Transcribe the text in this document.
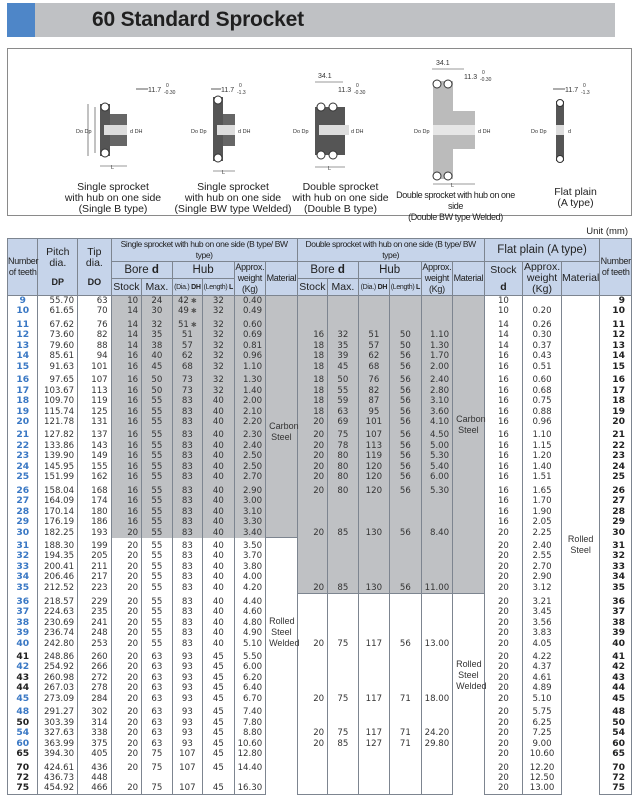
60 Standard Sprocket
11.7
0
-0.30
Do Dp	d DH
L
Single sprocket
with hub on one side
(Single B type)
11.7
0
-1.3
Do Dp	d DH
L
Single sprocket
with hub on one side
(Single BW type Welded)
34.1
11.3
0
-0.30
Do Dp	d DH
L
Double sprocket
with hub on one side
(Double B type)
34.1
11.3
0
-0.30
Do Dp	d DH
L
Double sprocket with hub on one side
(Double BW type Welded)
11.7
0
-1.3
Do Dp	d
Flat plain
(A type)
Unit (mm)
Number of teeth	
Pitch dia.
DP

Tip dia.
DO
	Single sprocket with hub on one side (B type/ BW type)	Double sprocket with hub on one side (B type/ BW type)	Flat plain (A type)	Number of teeth
			Bore d		Hub		Approx. weight (Kg)	Material	Bore d		Hub		Approx. weight (Kg)	Material	Stock
d	Approx. weight (Kg)	Material	
			Stock	Max.	(Dia.) DH	(Length) L			Stock	Max.	(Dia.) DH	(Length) L						
9	55.70	63	10	24	42 ✱	32	0.40	Carbon Steel						Carbon Steel	10		Rolled Steel	9
10	61.65	70	14	30	49 ✱	32	0.49								10	0.20		10
11	67.62	76	14	32	51 ✱	32	0.60								14	0.26		11
12	73.60	82	14	35	51	32	0.69		16	32	51	50	1.10		14	0.30		12
13	79.60	88	14	38	57	32	0.81		18	35	57	50	1.30		14	0.37		13
14	85.61	94	16	40	62	32	0.96		18	39	62	56	1.70		16	0.43		14
15	91.63	101	16	45	68	32	1.10		18	45	68	56	2.00		16	0.51		15
16	97.65	107	16	50	73	32	1.30		18	50	76	56	2.40		16	0.60		16
17	103.67	113	16	50	73	32	1.40		18	55	82	56	2.80		16	0.68		17
18	109.70	119	16	55	83	40	2.00		18	59	87	56	3.10		16	0.75		18
19	115.74	125	16	55	83	40	2.10		18	63	95	56	3.60		16	0.88		19
20	121.78	131	16	55	83	40	2.20		20	69	101	56	4.10		16	0.96		20
21	127.82	137	16	55	83	40	2.30		20	75	107	56	4.50		16	1.10		21
22	133.86	143	16	55	83	40	2.40		20	78	113	56	5.00		16	1.15		22
23	139.90	149	16	55	83	40	2.50		20	80	119	56	5.30		16	1.20		23
24	145.95	155	16	55	83	40	2.50		20	80	120	56	5.40		16	1.40		24
25	151.99	162	16	55	83	40	2.70		20	80	120	56	6.00		16	1.51		25
26	158.04	168	16	55	83	40	2.90		20	80	120	56	5.30		16	1.65		26
27	164.09	174	16	55	83	40	3.00								16	1.70		27
28	170.14	180	16	55	83	40	3.10								16	1.90		28
29	176.19	186	16	55	83	40	3.30								16	2.05		29
30	182.25	193	20	55	83	40	3.40		20	85	130	56	8.40		20	2.25		30
31	188.30	199	20	55	83	40	3.50	Rolled Steel Welded							20	2.40		31
32	194.35	205	20	55	83	40	3.70								20	2.55		32
33	200.41	211	20	55	83	40	3.80								20	2.70		33
34	206.46	217	20	55	83	40	4.00								20	2.90		34
35	212.52	223	20	55	83	40	4.20		20	85	130	56	11.00		20	3.12		35
36	218.57	229	20	55	83	40	4.40							Rolled Steel Welded	20	3.21		36
37	224.63	235	20	55	83	40	4.60								20	3.45		37
38	230.69	241	20	55	83	40	4.80								20	3.56		38
39	236.74	248	20	55	83	40	4.90								20	3.83		39
40	242.80	253	20	55	83	40	5.10		20	75	117	56	13.00		20	4.05		40
41	248.86	260	20	63	93	45	5.50								20	4.22		41
42	254.92	266	20	63	93	45	6.00								20	4.37		42
43	260.98	272	20	63	93	45	6.20								20	4.61		43
44	267.03	278	20	63	93	45	6.40								20	4.89		44
45	273.09	284	20	63	93	45	6.70		20	75	117	71	18.00		20	5.10		45
48	291.27	302	20	63	93	45	7.40								20	5.75		48
50	303.39	314	20	63	93	45	7.80								20	6.25		50
54	327.63	338	20	63	93	45	8.80		20	75	117	71	24.20		20	7.25		54
60	363.99	375	20	63	93	45	10.60		20	85	127	71	29.80		20	9.00		60
65	394.30	405	20	75	107	45	12.80								20	10.60		65
70	424.61	436	20	75	107	45	14.40								20	12.20		70
72	436.73	448													20	12.50		72
75	454.92	466	20	75	107	45	16.30								20	13.00		75
